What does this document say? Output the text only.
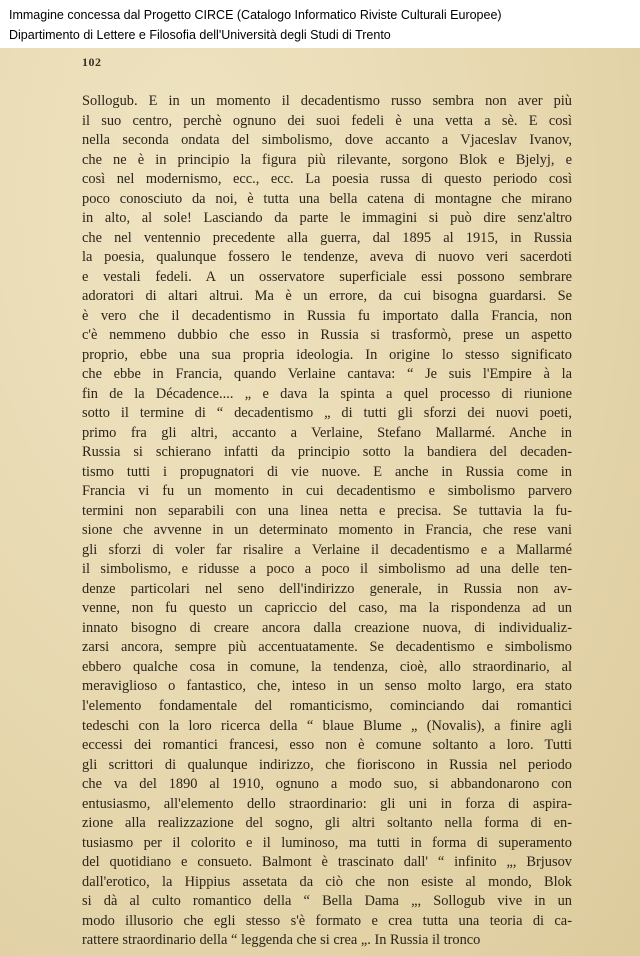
Immagine concessa dal Progetto CIRCE (Catalogo Informatico Riviste Culturali Europee)
Dipartimento di Lettere e Filosofia dell'Università degli Studi di Trento
102
Sollogub. E in un momento il decadentismo russo sembra non aver più
il suo centro, perchè ognuno dei suoi fedeli è una vetta a sè. E così
nella seconda ondata del simbolismo, dove accanto a Vjaceslav Ivanov,
che ne è in principio la figura più rilevante, sorgono Blok e Bjelyj, e
così nel modernismo, ecc., ecc. La poesia russa di questo periodo così
poco conosciuto da noi, è tutta una bella catena di montagne che mirano
in alto, al sole! Lasciando da parte le immagini si può dire senz'altro
che nel ventennio precedente alla guerra, dal 1895 al 1915, in Russia
la poesia, qualunque fossero le tendenze, aveva di nuovo veri sacerdoti
e vestali fedeli. A un osservatore superficiale essi possono sembrare
adoratori di altari altrui. Ma è un errore, da cui bisogna guardarsi. Se
è vero che il decadentismo in Russia fu importato dalla Francia, non
c'è nemmeno dubbio che esso in Russia si trasformò, prese un aspetto
proprio, ebbe una sua propria ideologia. In origine lo stesso significato
che ebbe in Francia, quando Verlaine cantava: “ Je suis l'Empire à la
fin de la Décadence.... „ e dava la spinta a quel processo di riunione
sotto il termine di “ decadentismo „ di tutti gli sforzi dei nuovi poeti,
primo fra gli altri, accanto a Verlaine, Stefano Mallarmé. Anche in
Russia si schierano infatti da principio sotto la bandiera del decaden-
tismo tutti i propugnatori di vie nuove. E anche in Russia come in
Francia vi fu un momento in cui decadentismo e simbolismo parvero
termini non separabili con una linea netta e precisa. Se tuttavia la fu-
sione che avvenne in un determinato momento in Francia, che rese vani
gli sforzi di voler far risalire a Verlaine il decadentismo e a Mallarmé
il simbolismo, e ridusse a poco a poco il simbolismo ad una delle ten-
denze particolari nel seno dell'indirizzo generale, in Russia non av-
venne, non fu questo un capriccio del caso, ma la rispondenza ad un
innato bisogno di creare ancora dalla creazione nuova, di individualiz-
zarsi ancora, sempre più accentuatamente. Se decadentismo e simbolismo
ebbero qualche cosa in comune, la tendenza, cioè, allo straordinario, al
meraviglioso o fantastico, che, inteso in un senso molto largo, era stato
l'elemento fondamentale del romanticismo, cominciando dai romantici
tedeschi con la loro ricerca della “ blaue Blume „ (Novalis), a finire agli
eccessi dei romantici francesi, esso non è comune soltanto a loro. Tutti
gli scrittori di qualunque indirizzo, che fioriscono in Russia nel periodo
che va del 1890 al 1910, ognuno a modo suo, si abbandonarono con
entusiasmo, all'elemento dello straordinario: gli uni in forza di aspira-
zione alla realizzazione del sogno, gli altri soltanto nella forma di en-
tusiasmo per il colorito e il luminoso, ma tutti in forma di superamento
del quotidiano e consueto. Balmont è trascinato dall' “ infinito „, Brjusov
dall'erotico, la Hippius assetata da ciò che non esiste al mondo, Blok
si dà al culto romantico della “ Bella Dama „, Sollogub vive in un
modo illusorio che egli stesso s'è formato e crea tutta una teoria di ca-
rattere straordinario della “ leggenda che si crea „. In Russia il tronco
